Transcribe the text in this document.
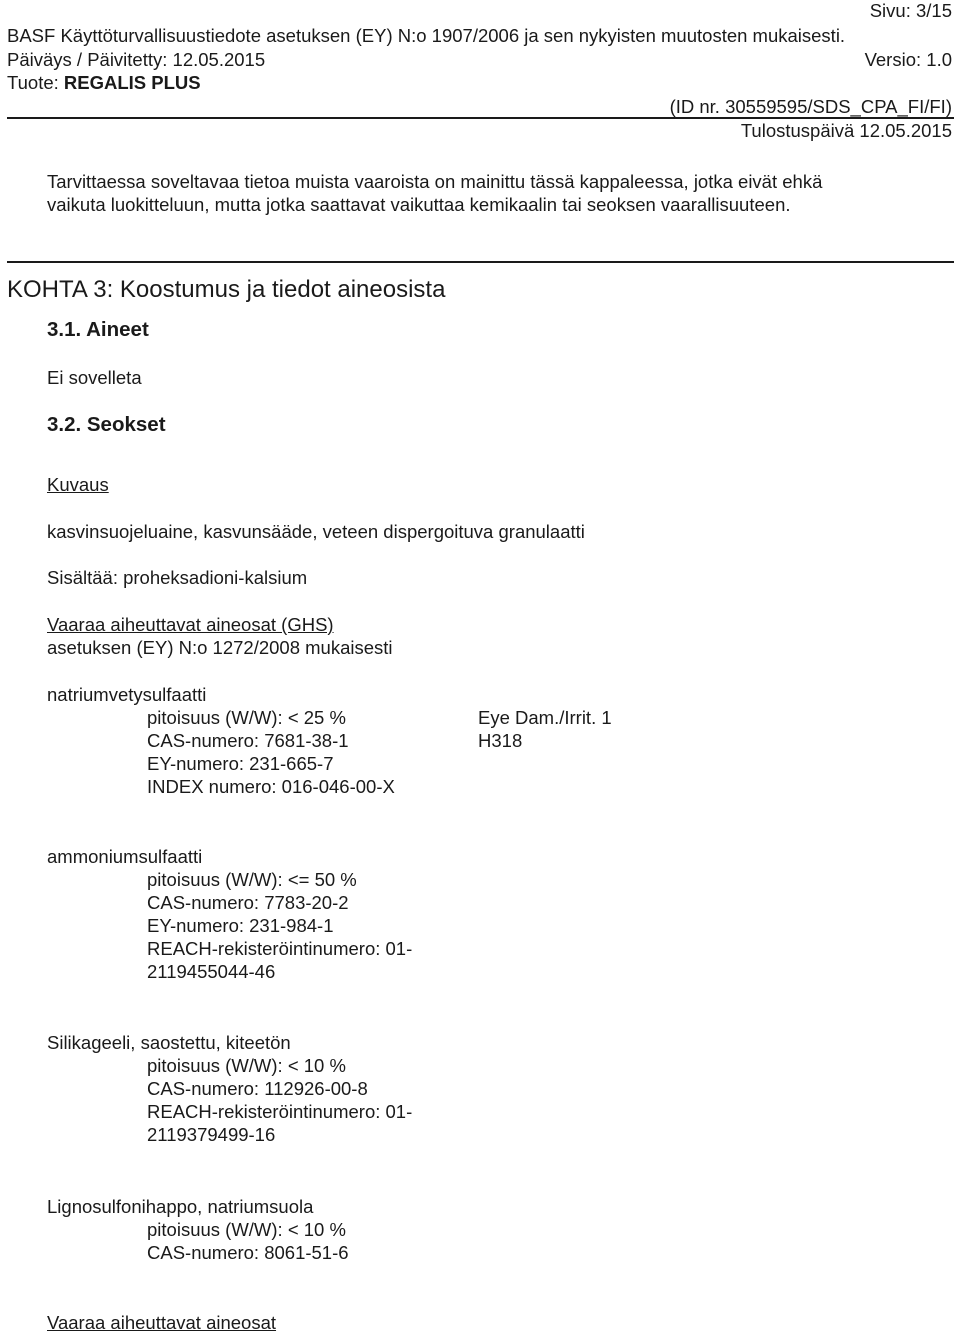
Sivu: 3/15
BASF Käyttöturvallisuustiedote asetuksen (EY) N:o 1907/2006 ja sen nykyisten muutosten mukaisesti.
Päiväys / Päivitetty: 12.05.2015	Versio: 1.0
Tuote: REGALIS PLUS
(ID nr. 30559595/SDS_CPA_FI/FI)
Tulostuspäivä 12.05.2015
Tarvittaessa soveltavaa tietoa muista vaaroista on mainittu tässä kappaleessa, jotka eivät ehkä
vaikuta luokitteluun, mutta jotka saattavat vaikuttaa kemikaalin tai seoksen vaarallisuuteen.
KOHTA 3: Koostumus ja tiedot aineosista
3.1. Aineet
Ei sovelleta
3.2. Seokset
Kuvaus
kasvinsuojeluaine, kasvunsääde, veteen dispergoituva granulaatti
Sisältää: proheksadioni-kalsium
Vaaraa aiheuttavat aineosat (GHS)
asetuksen (EY) N:o 1272/2008 mukaisesti
natriumvetysulfaatti
pitoisuus (W/W): < 25 %
CAS-numero: 7681-38-1
EY-numero: 231-665-7
INDEX numero: 016-046-00-X
Eye Dam./Irrit. 1
H318
ammoniumsulfaatti
pitoisuus (W/W): <= 50 %
CAS-numero: 7783-20-2
EY-numero: 231-984-1
REACH-rekisteröintinumero: 01-
2119455044-46
Silikageeli, saostettu, kiteetön
pitoisuus (W/W): < 10 %
CAS-numero: 112926-00-8
REACH-rekisteröintinumero: 01-
2119379499-16
Lignosulfonihappo, natriumsuola
pitoisuus (W/W): < 10 %
CAS-numero: 8061-51-6
Vaaraa aiheuttavat aineosat
